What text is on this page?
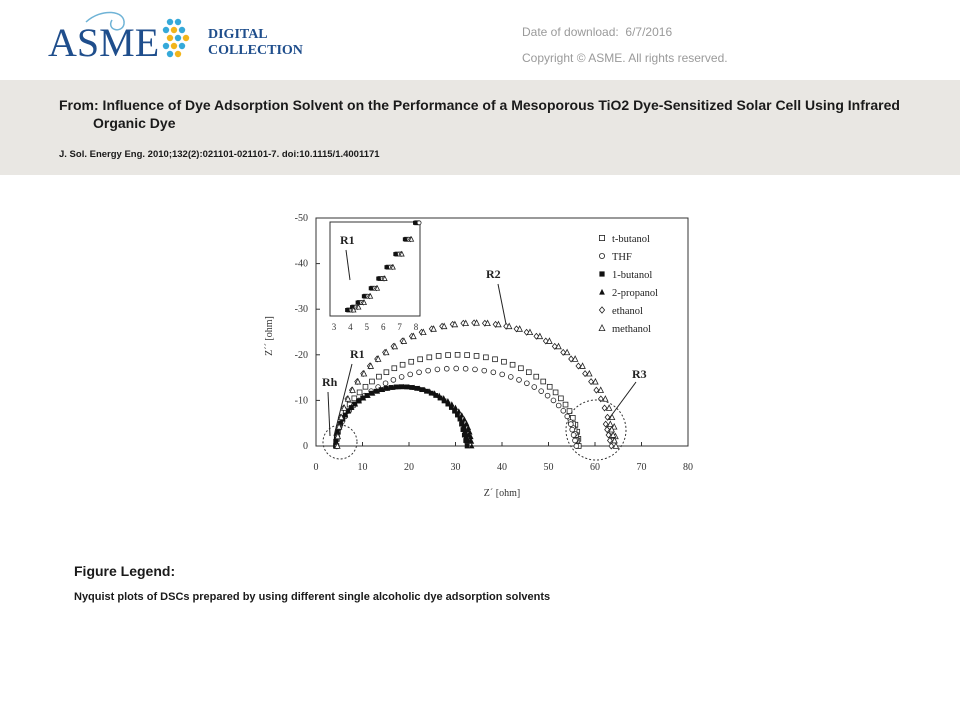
ASME	DIGITAL
COLLECTION
Date of download: 6/7/2016
Copyright © ASME. All rights reserved.
From: Influence of Dye Adsorption Solvent on the Performance of a Mesoporous TiO2 Dye-Sensitized Solar Cell Using Infrared Organic Dye
J. Sol. Energy Eng. 2010;132(2):021101-021101-7. doi:10.1115/1.4001171
0
-10
-20
-30
-40
-50
0	10	20	30	40	50	60	70	80
Z´´ [ohm]
Z´ [ohm]
3 4 5 6 7 8
R1
R2
R3
R1
Rh
t-butanol
THF
1-butanol
2-propanol
ethanol
methanol
Figure Legend:
Nyquist plots of DSCs prepared by using different single alcoholic dye adsorption solvents
